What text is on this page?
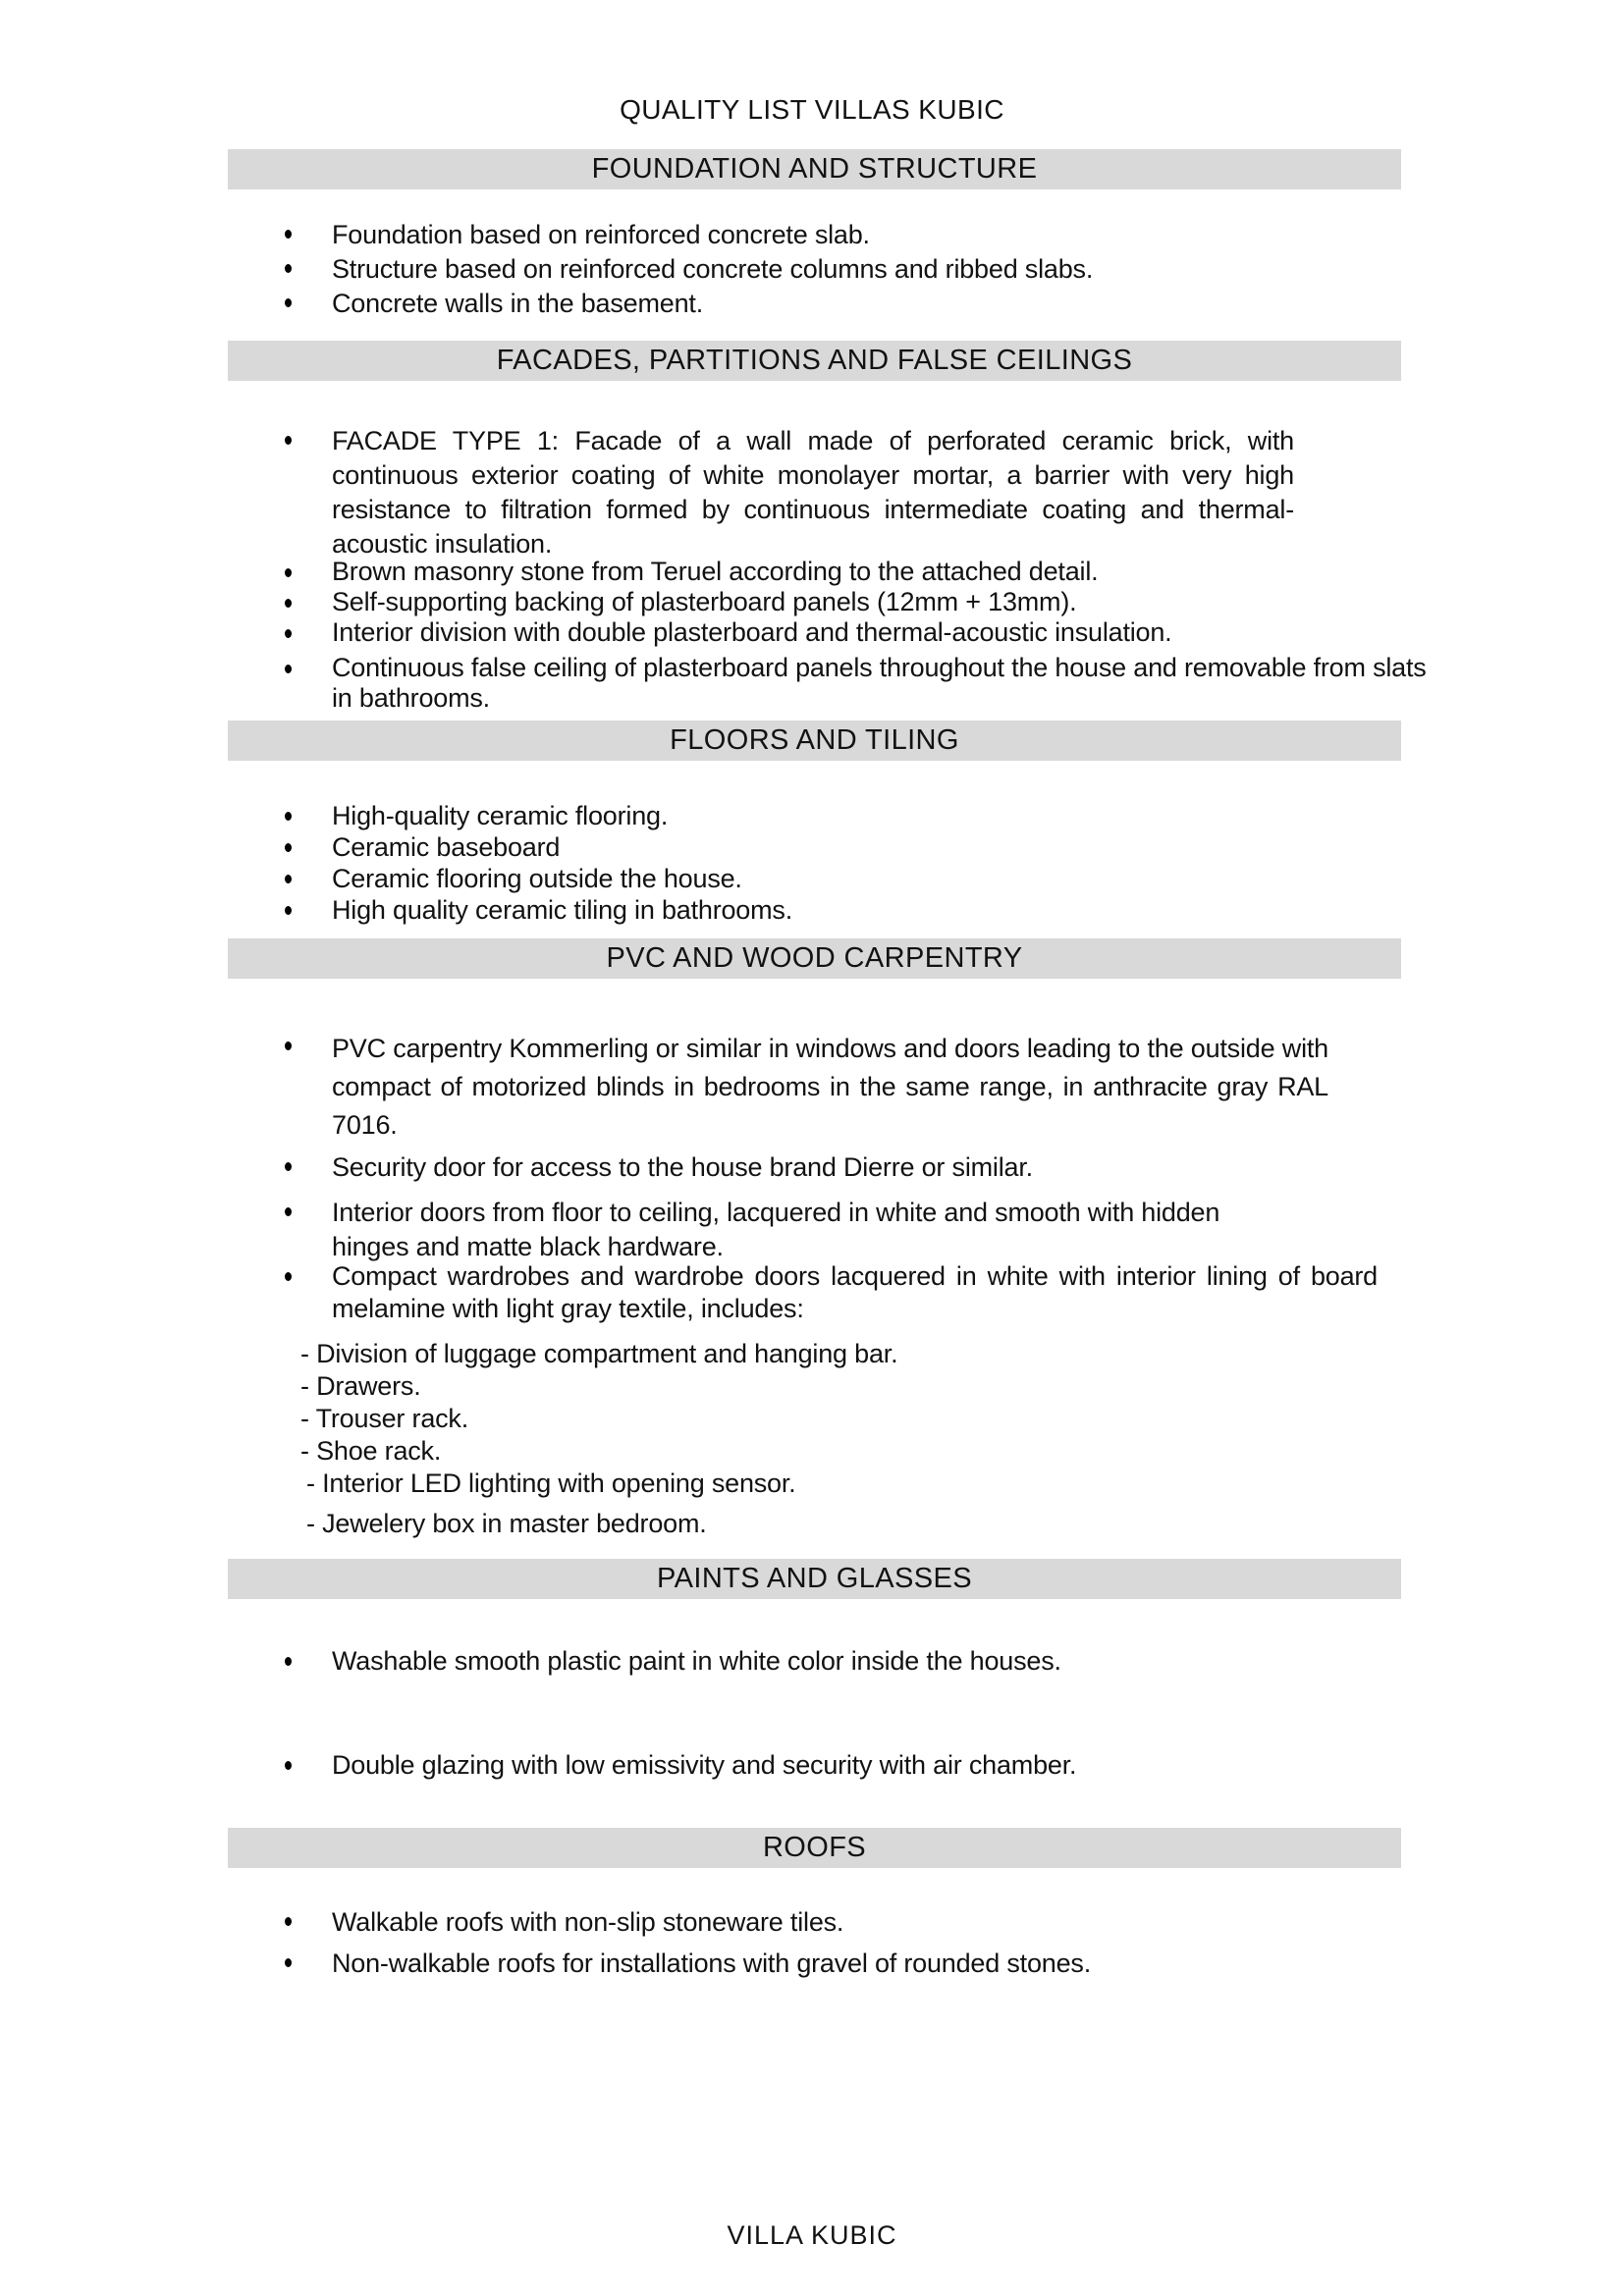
QUALITY LIST VILLAS KUBIC
FOUNDATION AND STRUCTURE
Foundation based on reinforced concrete slab.
Structure based on reinforced concrete columns and ribbed slabs.
Concrete walls in the basement.
FACADES, PARTITIONS AND FALSE CEILINGS
FACADE TYPE 1: Facade of a wall made of perforated ceramic brick, with continuous exterior coating of white monolayer mortar, a barrier with very high resistance to filtration formed by continuous intermediate coating and thermal-acoustic insulation.
Brown masonry stone from Teruel according to the attached detail.
Self-supporting backing of plasterboard panels (12mm + 13mm).
Interior division with double plasterboard and thermal-acoustic insulation.
Continuous false ceiling of plasterboard panels throughout the house and removable from slats in bathrooms.
FLOORS AND TILING
High-quality ceramic flooring.
Ceramic baseboard
Ceramic flooring outside the house.
High quality ceramic tiling in bathrooms.
PVC AND WOOD CARPENTRY
PVC carpentry Kommerling or similar in windows and doors leading to the outside with compact of motorized blinds in bedrooms in the same range, in anthracite gray RAL 7016.
Security door for access to the house brand Dierre or similar.
Interior doors from floor to ceiling, lacquered in white and smooth with hidden hinges and matte black hardware.
Compact wardrobes and wardrobe doors lacquered in white with interior lining of board melamine with light gray textile, includes:
- Division of luggage compartment and hanging bar.
- Drawers.
- Trouser rack.
- Shoe rack.
- Interior LED lighting with opening sensor.
- Jewelery box in master bedroom.
PAINTS AND GLASSES
Washable smooth plastic paint in white color inside the houses.
Double glazing with low emissivity and security with air chamber.
ROOFS
Walkable roofs with non-slip stoneware tiles.
Non-walkable roofs for installations with gravel of rounded stones.
VILLA KUBIC
